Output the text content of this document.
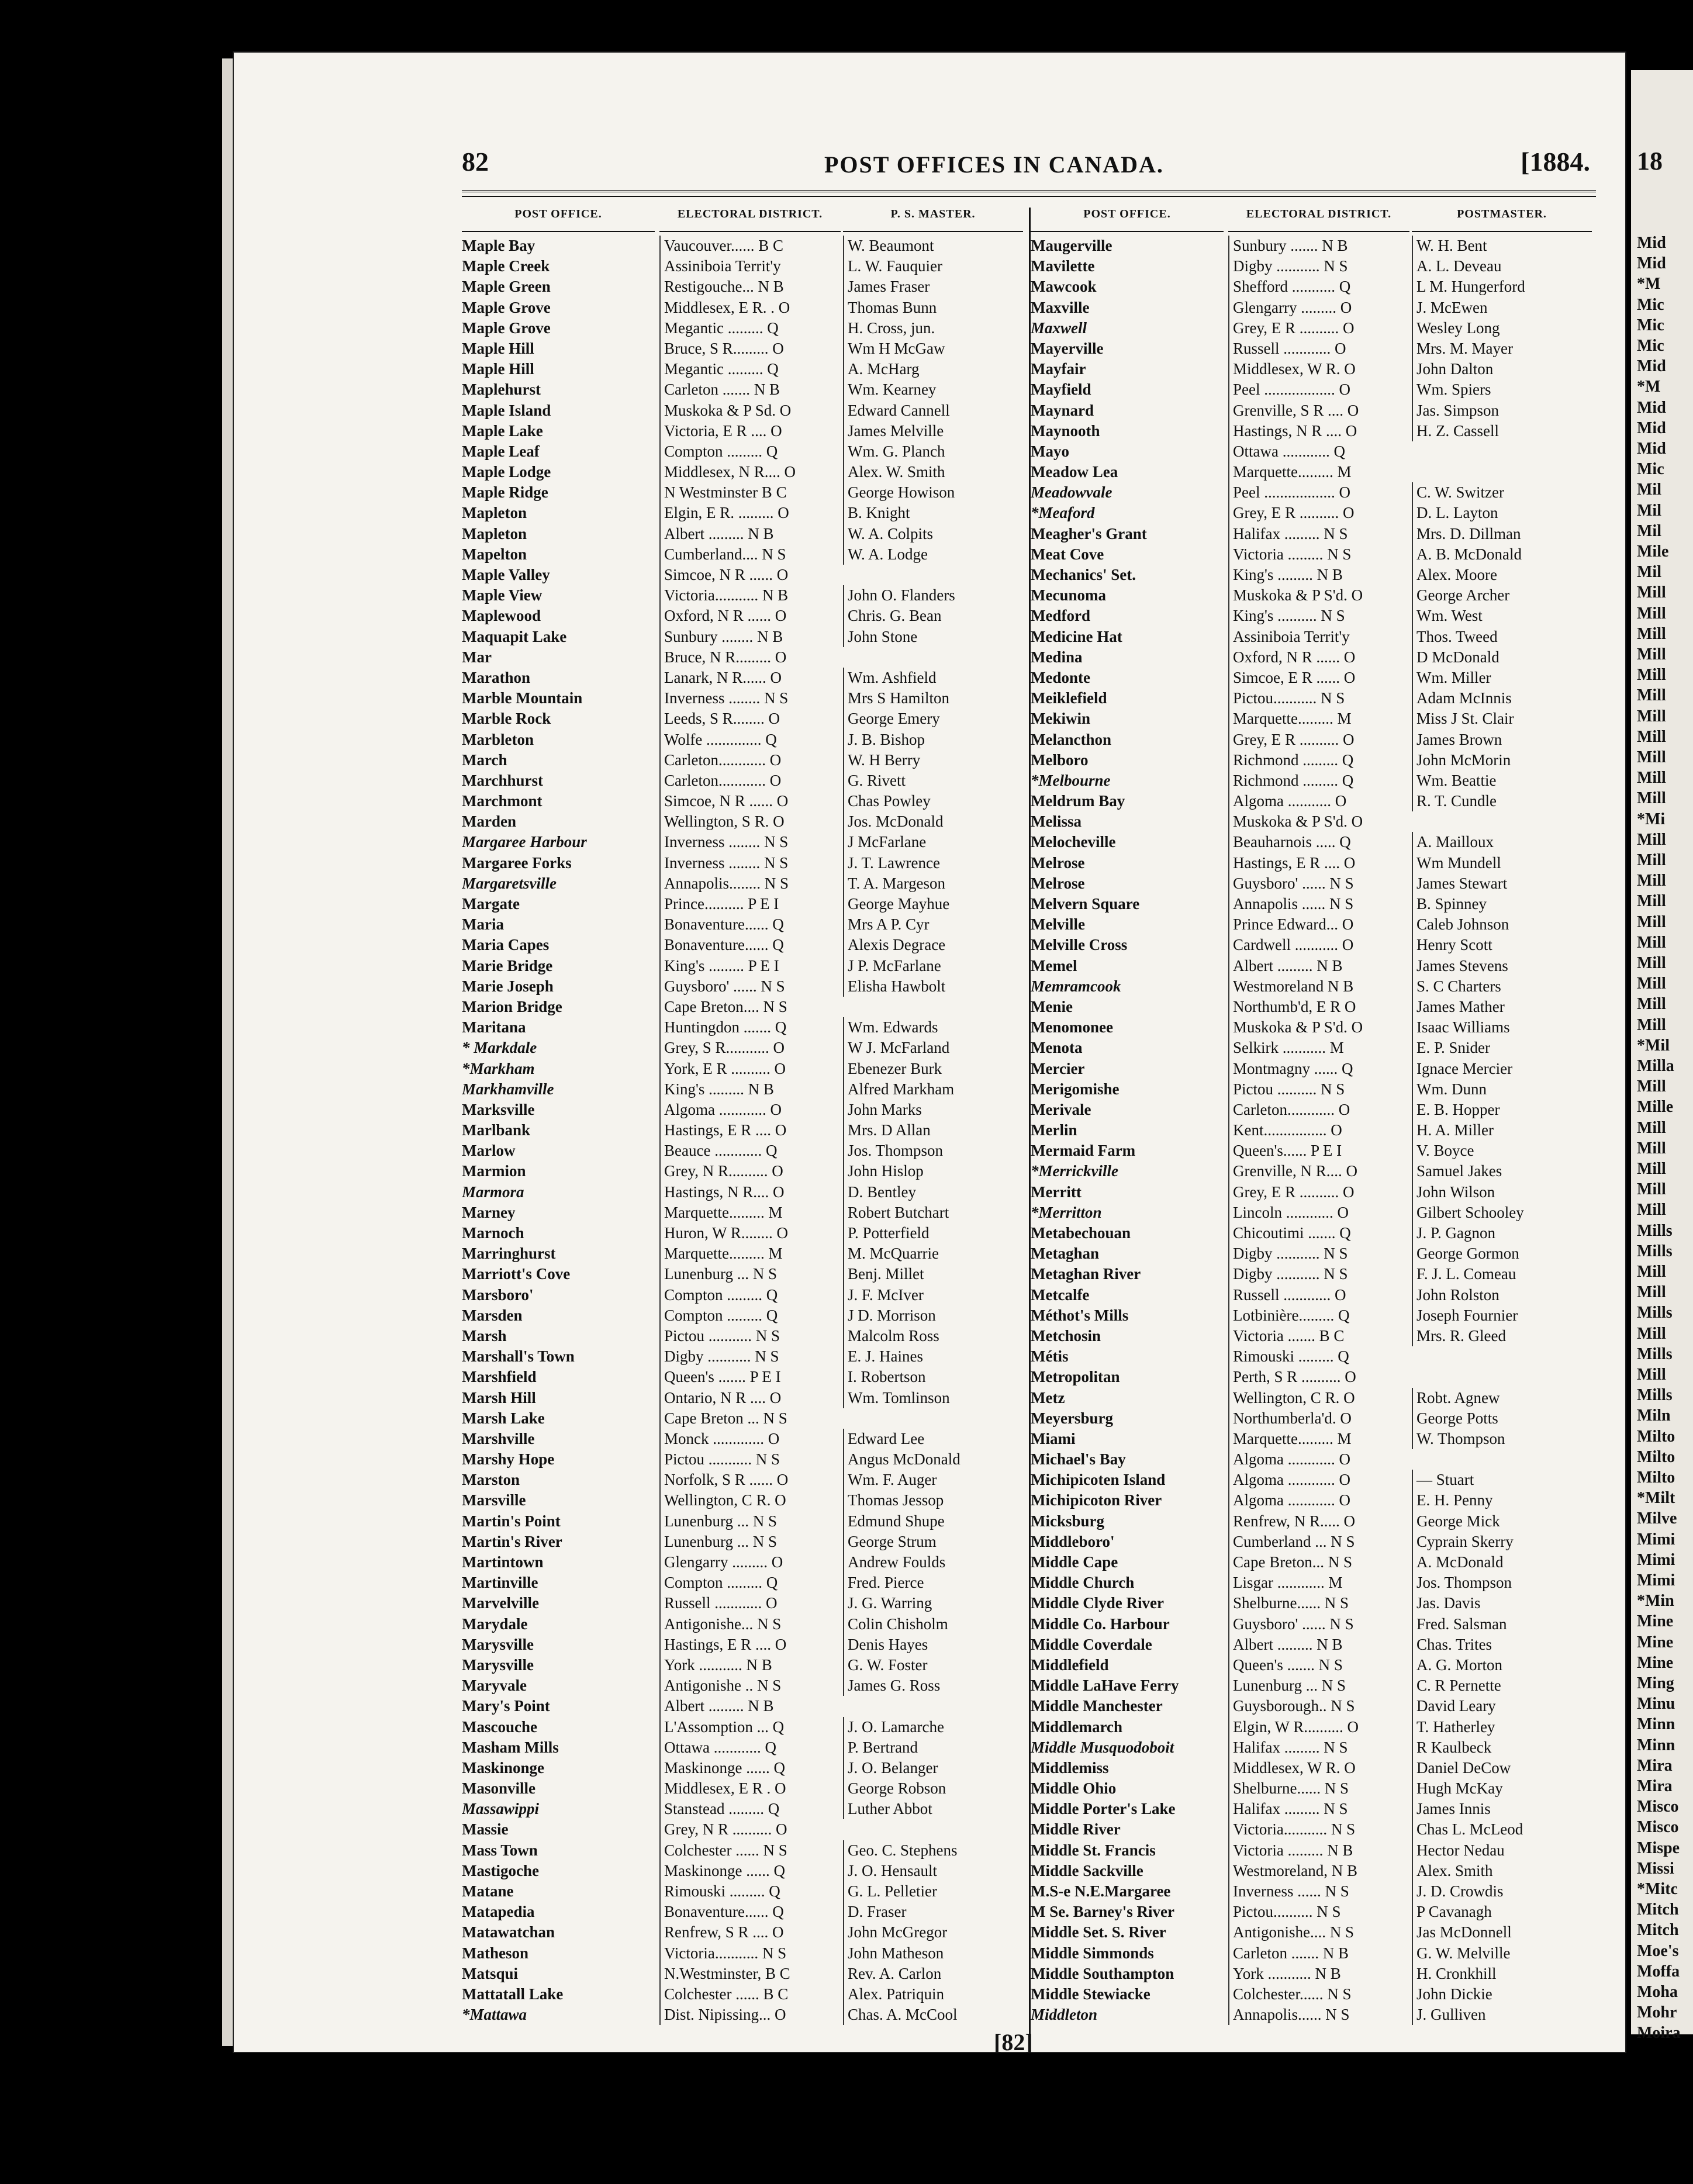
18
Mid
Mid
*M
Mic
Mic
Mic
Mid
*M
Mid
Mid
Mid
Mic
Mil
Mil
Mil
Mile
Mil
Mill
Mill
Mill
Mill
Mill
Mill
Mill
Mill
Mill
Mill
Mill
*Mi
Mill
Mill
Mill
Mill
Mill
Mill
Mill
Mill
Mill
Mill
*Mil
Milla
Mill
Mille
Mill
Mill
Mill
Mill
Mill
Mills
Mills
Mill
Mill
Mills
Mill
Mills
Mill
Mills
Miln
Milto
Milto
Milto
*Milt
Milve
Mimi
Mimi
Mimi
*Min
Mine
Mine
Mine
Ming
Minu
Minn
Minn
Mira
Mira
Misco
Misco
Mispe
Missi
*Mitc
Mitch
Mitch
Moe's
Moffa
Moha
Mohr
Moira
82	POST OFFICES IN CANADA.	[1884.
POST OFFICE.	ELECTORAL DISTRICT.	P. S. MASTER.
Maple Bay	Vaucouver...... B C	W. Beaumont
Maple Creek	Assiniboia Territ'y	L. W. Fauquier
Maple Green	Restigouche... N B	James Fraser
Maple Grove	Middlesex, E R. . O	Thomas Bunn
Maple Grove	Megantic ......... Q	H. Cross, jun.
Maple Hill	Bruce, S R......... O	Wm H McGaw
Maple Hill	Megantic ......... Q	A. McHarg
Maplehurst	Carleton ....... N B	Wm. Kearney
Maple Island	Muskoka & P Sd. O	Edward Cannell
Maple Lake	Victoria, E R .... O	James Melville
Maple Leaf	Compton ......... Q	Wm. G. Planch
Maple Lodge	Middlesex, N R.... O	Alex. W. Smith
Maple Ridge	N Westminster B C	George Howison
Mapleton	Elgin, E R. ......... O	B. Knight
Mapleton	Albert ......... N B	W. A. Colpits
Mapelton	Cumberland.... N S	W. A. Lodge
Maple Valley	Simcoe, N R ...... O
Maple View	Victoria........... N B	John O. Flanders
Maplewood	Oxford, N R ...... O	Chris. G. Bean
Maquapit Lake	Sunbury ........ N B	John Stone
Mar	Bruce, N R......... O
Marathon	Lanark, N R...... O	Wm. Ashfield
Marble Mountain	Inverness ........ N S	Mrs S Hamilton
Marble Rock	Leeds, S R........ O	George Emery
Marbleton	Wolfe .............. Q	J. B. Bishop
March	Carleton............ O	W. H Berry
Marchhurst	Carleton............ O	G. Rivett
Marchmont	Simcoe, N R ...... O	Chas Powley
Marden	Wellington, S R. O	Jos. McDonald
Margaree Harbour	Inverness ........ N S	J McFarlane
Margaree Forks	Inverness ........ N S	J. T. Lawrence
Margaretsville	Annapolis........ N S	T. A. Margeson
Margate	Prince.......... P E I	George Mayhue
Maria	Bonaventure...... Q	Mrs A P. Cyr
Maria Capes	Bonaventure...... Q	Alexis Degrace
Marie Bridge	King's ......... P E I	J P. McFarlane
Marie Joseph	Guysboro' ...... N S	Elisha Hawbolt
Marion Bridge	Cape Breton.... N S
Maritana	Huntingdon ....... Q	Wm. Edwards
* Markdale	Grey, S R........... O	W J. McFarland
*Markham	York, E R .......... O	Ebenezer Burk
Markhamville	King's ......... N B	Alfred Markham
Marksville	Algoma ............ O	John Marks
Marlbank	Hastings, E R .... O	Mrs. D Allan
Marlow	Beauce ............ Q	Jos. Thompson
Marmion	Grey, N R.......... O	John Hislop
Marmora	Hastings, N R.... O	D. Bentley
Marney	Marquette......... M	Robert Butchart
Marnoch	Huron, W R........ O	P. Potterfield
Marringhurst	Marquette......... M	M. McQuarrie
Marriott's Cove	Lunenburg ... N S	Benj. Millet
Marsboro'	Compton ......... Q	J. F. McIver
Marsden	Compton ......... Q	J D. Morrison
Marsh	Pictou ........... N S	Malcolm Ross
Marshall's Town	Digby ........... N S	E. J. Haines
Marshfield	Queen's ....... P E I	I. Robertson
Marsh Hill	Ontario, N R .... O	Wm. Tomlinson
Marsh Lake	Cape Breton ... N S
Marshville	Monck ............. O	Edward Lee
Marshy Hope	Pictou ........... N S	Angus McDonald
Marston	Norfolk, S R ...... O	Wm. F. Auger
Marsville	Wellington, C R. O	Thomas Jessop
Martin's Point	Lunenburg ... N S	Edmund Shupe
Martin's River	Lunenburg ... N S	George Strum
Martintown	Glengarry ......... O	Andrew Foulds
Martinville	Compton ......... Q	Fred. Pierce
Marvelville	Russell ............ O	J. G. Warring
Marydale	Antigonishe... N S	Colin Chisholm
Marysville	Hastings, E R .... O	Denis Hayes
Marysville	York ........... N B	G. W. Foster
Maryvale	Antigonishe .. N S	James G. Ross
Mary's Point	Albert ......... N B
Mascouche	L'Assomption ... Q	J. O. Lamarche
Masham Mills	Ottawa ............ Q	P. Bertrand
Maskinonge	Maskinonge ...... Q	J. O. Belanger
Masonville	Middlesex, E R . O	George Robson
Massawippi	Stanstead ......... Q	Luther Abbot
Massie	Grey, N R .......... O
Mass Town	Colchester ...... N S	Geo. C. Stephens
Mastigoche	Maskinonge ...... Q	J. O. Hensault
Matane	Rimouski ......... Q	G. L. Pelletier
Matapedia	Bonaventure...... Q	D. Fraser
Matawatchan	Renfrew, S R .... O	John McGregor
Matheson	Victoria........... N S	John Matheson
Matsqui	N.Westminster, B C	Rev. A. Carlon
Mattatall Lake	Colchester ...... B C	Alex. Patriquin
*Mattawa	Dist. Nipissing... O	Chas. A. McCool
POST OFFICE.	ELECTORAL DISTRICT.	POSTMASTER.
Maugerville	Sunbury ....... N B	W. H. Bent
Mavilette	Digby ........... N S	A. L. Deveau
Mawcook	Shefford ........... Q	L M. Hungerford
Maxville	Glengarry ......... O	J. McEwen
Maxwell	Grey, E R .......... O	Wesley Long
Mayerville	Russell ............ O	Mrs. M. Mayer
Mayfair	Middlesex, W R. O	John Dalton
Mayfield	Peel .................. O	Wm. Spiers
Maynard	Grenville, S R .... O	Jas. Simpson
Maynooth	Hastings, N R .... O	H. Z. Cassell
Mayo	Ottawa ............ Q
Meadow Lea	Marquette......... M
Meadowvale	Peel .................. O	C. W. Switzer
*Meaford	Grey, E R .......... O	D. L. Layton
Meagher's Grant	Halifax ......... N S	Mrs. D. Dillman
Meat Cove	Victoria ......... N S	A. B. McDonald
Mechanics' Set.	King's ......... N B	Alex. Moore
Mecunoma	Muskoka & P S'd. O	George Archer
Medford	King's .......... N S	Wm. West
Medicine Hat	Assiniboia Territ'y	Thos. Tweed
Medina	Oxford, N R ...... O	D McDonald
Medonte	Simcoe, E R ...... O	Wm. Miller
Meiklefield	Pictou........... N S	Adam McInnis
Mekiwin	Marquette......... M	Miss J St. Clair
Melancthon	Grey, E R .......... O	James Brown
Melboro	Richmond ......... Q	John McMorin
*Melbourne	Richmond ......... Q	Wm. Beattie
Meldrum Bay	Algoma ........... O	R. T. Cundle
Melissa	Muskoka & P S'd. O
Melocheville	Beauharnois ..... Q	A. Mailloux
Melrose	Hastings, E R .... O	Wm Mundell
Melrose	Guysboro' ...... N S	James Stewart
Melvern Square	Annapolis ...... N S	B. Spinney
Melville	Prince Edward... O	Caleb Johnson
Melville Cross	Cardwell ........... O	Henry Scott
Memel	Albert ......... N B	James Stevens
Memramcook	Westmoreland N B	S. C Charters
Menie	Northumb'd, E R O	James Mather
Menomonee	Muskoka & P S'd. O	Isaac Williams
Menota	Selkirk ........... M	E. P. Snider
Mercier	Montmagny ...... Q	Ignace Mercier
Merigomishe	Pictou .......... N S	Wm. Dunn
Merivale	Carleton............ O	E. B. Hopper
Merlin	Kent................ O	H. A. Miller
Mermaid Farm	Queen's...... P E I	V. Boyce
*Merrickville	Grenville, N R.... O	Samuel Jakes
Merritt	Grey, E R .......... O	John Wilson
*Merritton	Lincoln ............ O	Gilbert Schooley
Metabechouan	Chicoutimi ....... Q	J. P. Gagnon
Metaghan	Digby ........... N S	George Gormon
Metaghan River	Digby ........... N S	F. J. L. Comeau
Metcalfe	Russell ............ O	John Rolston
Méthot's Mills	Lotbinière......... Q	Joseph Fournier
Metchosin	Victoria ....... B C	Mrs. R. Gleed
Métis	Rimouski ......... Q
Metropolitan	Perth, S R .......... O
Metz	Wellington, C R. O	Robt. Agnew
Meyersburg	Northumberla'd. O	George Potts
Miami	Marquette......... M	W. Thompson
Michael's Bay	Algoma ............ O
Michipicoten Island	Algoma ............ O	— Stuart
Michipicoton River	Algoma ............ O	E. H. Penny
Micksburg	Renfrew, N R..... O	George Mick
Middleboro'	Cumberland ... N S	Cyprain Skerry
Middle Cape	Cape Breton... N S	A. McDonald
Middle Church	Lisgar ............ M	Jos. Thompson
Middle Clyde River	Shelburne...... N S	Jas. Davis
Middle Co. Harbour	Guysboro' ...... N S	Fred. Salsman
Middle Coverdale	Albert ......... N B	Chas. Trites
Middlefield	Queen's ....... N S	A. G. Morton
Middle LaHave Ferry	Lunenburg ... N S	C. R Pernette
Middle Manchester	Guysborough.. N S	David Leary
Middlemarch	Elgin, W R.......... O	T. Hatherley
Middle Musquodoboit	Halifax ......... N S	R Kaulbeck
Middlemiss	Middlesex, W R. O	Daniel DeCow
Middle Ohio	Shelburne...... N S	Hugh McKay
Middle Porter's Lake	Halifax ......... N S	James Innis
Middle River	Victoria........... N S	Chas L. McLeod
Middle St. Francis	Victoria ......... N B	Hector Nedau
Middle Sackville	Westmoreland, N B	Alex. Smith
M.S-e N.E.Margaree	Inverness ...... N S	J. D. Crowdis
M Se. Barney's River	Pictou.......... N S	P Cavanagh
Middle Set. S. River	Antigonishe.... N S	Jas McDonnell
Middle Simmonds	Carleton ....... N B	G. W. Melville
Middle Southampton	York ........... N B	H. Cronkhill
Middle Stewiacke	Colchester...... N S	John Dickie
Middleton	Annapolis...... N S	J. Gulliven
[82]
